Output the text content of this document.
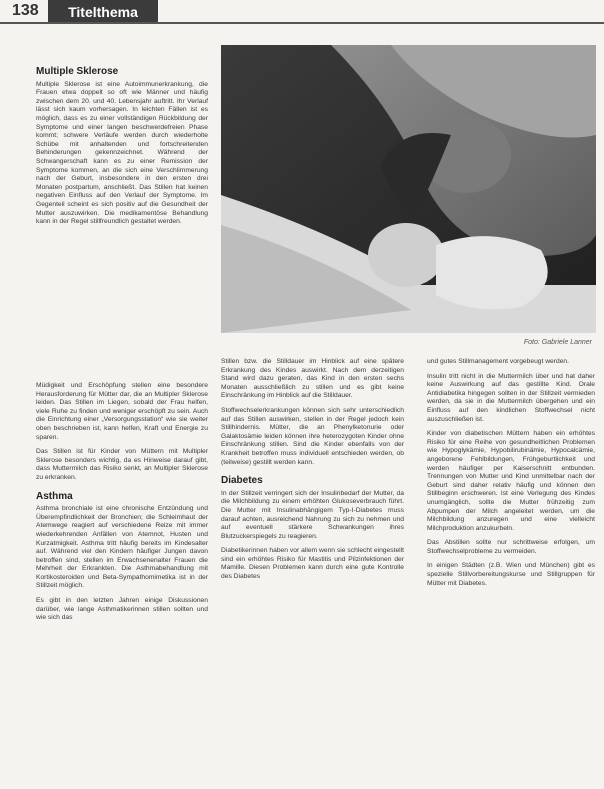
138	Titelthema
Foto: Gabriele Lanner
Multiple Sklerose

Multiple Sklerose ist eine Autoimmunerkrankung, die Frauen etwa doppelt so oft wie Männer und häufig zwischen dem 20. und 40. Lebensjahr auftritt. Ihr Verlauf lässt sich kaum vorhersagen. In leichten Fällen ist es möglich, dass es zu einer vollständigen Rückbildung der Symptome und einer langen beschwerdefreien Phase kommt; schwere Verläufe werden durch wiederholte Schübe mit anhaltenden und fortschreitenden Behinderungen gekennzeichnet. Während der Schwangerschaft kann es zu einer Remission der Symptome kommen, an die sich eine Verschlimmerung nach der Geburt, insbesondere in den ersten drei Monaten postpartum, anschließt. Das Stillen hat keinen negativen Einfluss auf den Verlauf der Symptome. Im Gegenteil scheint es sich positiv auf die Gesundheit der Mutter auszuwirken. Die medikamentöse Behandlung kann in der Regel stillfreundlich gestaltet werden.

Müdigkeit und Erschöpfung stellen eine besondere Herausforderung für Mütter dar, die an Multipler Sklerose leiden. Das Stillen im Liegen, sobald der Frau helfen, viele Ruhe zu finden und weniger erschöpft zu sein. Auch die Einrichtung einer „Versorgungsstation“ wie sie weiter oben beschrieben ist, kann helfen, Kraft und Energie zu sparen.

Das Stillen ist für Kinder von Müttern mit Multipler Sklerose besonders wichtig, da es Hinweise darauf gibt, dass Muttermilch das Risiko senkt, an Multipler Sklerose zu erkranken.

Asthma

Asthma bronchiale ist eine chronische Entzündung und Überempfindlichkeit der Bronchien; die Schleimhaut der Atemwege reagiert auf verschiedene Reize mit immer wiederkehrenden Anfällen von Atemnot, Husten und Kurzatmigkeit. Asthma tritt häufig bereits im Kindesalter auf. Während viel den Kindern häufiger Jungen davon betroffen sind, stellen im Erwachsenenalter Frauen die Mehrheit der Erkrankten. Die Asthmabehandlung mit Kortikosteroiden und Beta-Sympathomimetika ist in der Stillzeit möglich.

Es gibt in den letzten Jahren einige Diskussionen darüber, wie lange Asthmatikerinnen stillen sollten und wie sich das

Stillen bzw. die Stilldauer im Hinblick auf eine spätere Erkrankung des Kindes auswirkt. Nach dem derzeitigen Stand wird dazu geraten, das Kind in den ersten sechs Monaten ausschließlich zu stillen und es gibt keine Einschränkung im Hinblick auf die Stilldauer.

Stoffwechselerkrankungen können sich sehr unterschiedlich auf das Stillen auswirken, stellen in der Regel jedoch kein Stillhindernis. Mütter, die an Phenylketonurie oder Galaktosämie leiden können ihre heterozygoten Kinder ohne Einschränkung stillen. Sind die Kinder ebenfalls von der Krankheit betroffen muss individuell entschieden werden, ob (teilweise) gestillt werden kann.

Diabetes

In der Stillzeit verringert sich der Insulinbedarf der Mutter, da die Milchbildung zu einem erhöhten Glukoseverbrauch führt. Die Mutter mit Insulinabhängigem Typ-I-Diabetes muss darauf achten, ausreichend Nahrung zu sich zu nehmen und auf eventuell stärkere Schwankungen ihres Blutzuckerspiegels zu reagieren.

Diabetikerinnen haben vor allem wenn sie schlecht eingestellt sind ein erhöhtes Risiko für Mastitis und Pilzinfektionen der Mamille. Diesen Problemen kann durch eine gute Kontrolle des Diabetes

und gutes Stillmanagement vorgebeugt werden.

Insulin tritt nicht in die Muttermilch über und hat daher keine Auswirkung auf das gestillte Kind. Orale Antidiabetika hingegen sollten in der Stillzeit vermieden werden, da sie in die Muttermilch übergehen und ein Einfluss auf den kindlichen Stoffwechsel nicht auszuschließen ist.

Kinder von diabetischen Müttern haben ein erhöhtes Risiko für eine Reihe von gesundheitlichen Problemen wie Hypoglykämie, Hypobilirubinämie, Hypocalcämie, angeborene Fehlbildungen, Frühgeburtlichkeit und werden häufiger per Kaiserschnitt entbunden. Trennungen von Mutter und Kind unmittelbar nach der Geburt sind daher relativ häufig und können den Stillbeginn erschweren. Ist eine Verlegung des Kindes unumgänglich, sollte die Mutter frühzeitig zum Abpumpen der Milch angeleitet werden, um die Milchbildung anzuregen und eine vielleicht Milchproduktion anzukurbeln.

Das Abstillen sollte nur schrittweise erfolgen, um Stoffwechselprobleme zu vermeiden.

In einigen Städten (z.B. Wien und München) gibt es spezielle Stillvorbereitungskurse und Stillgruppen für Mütter mit Diabetes.
